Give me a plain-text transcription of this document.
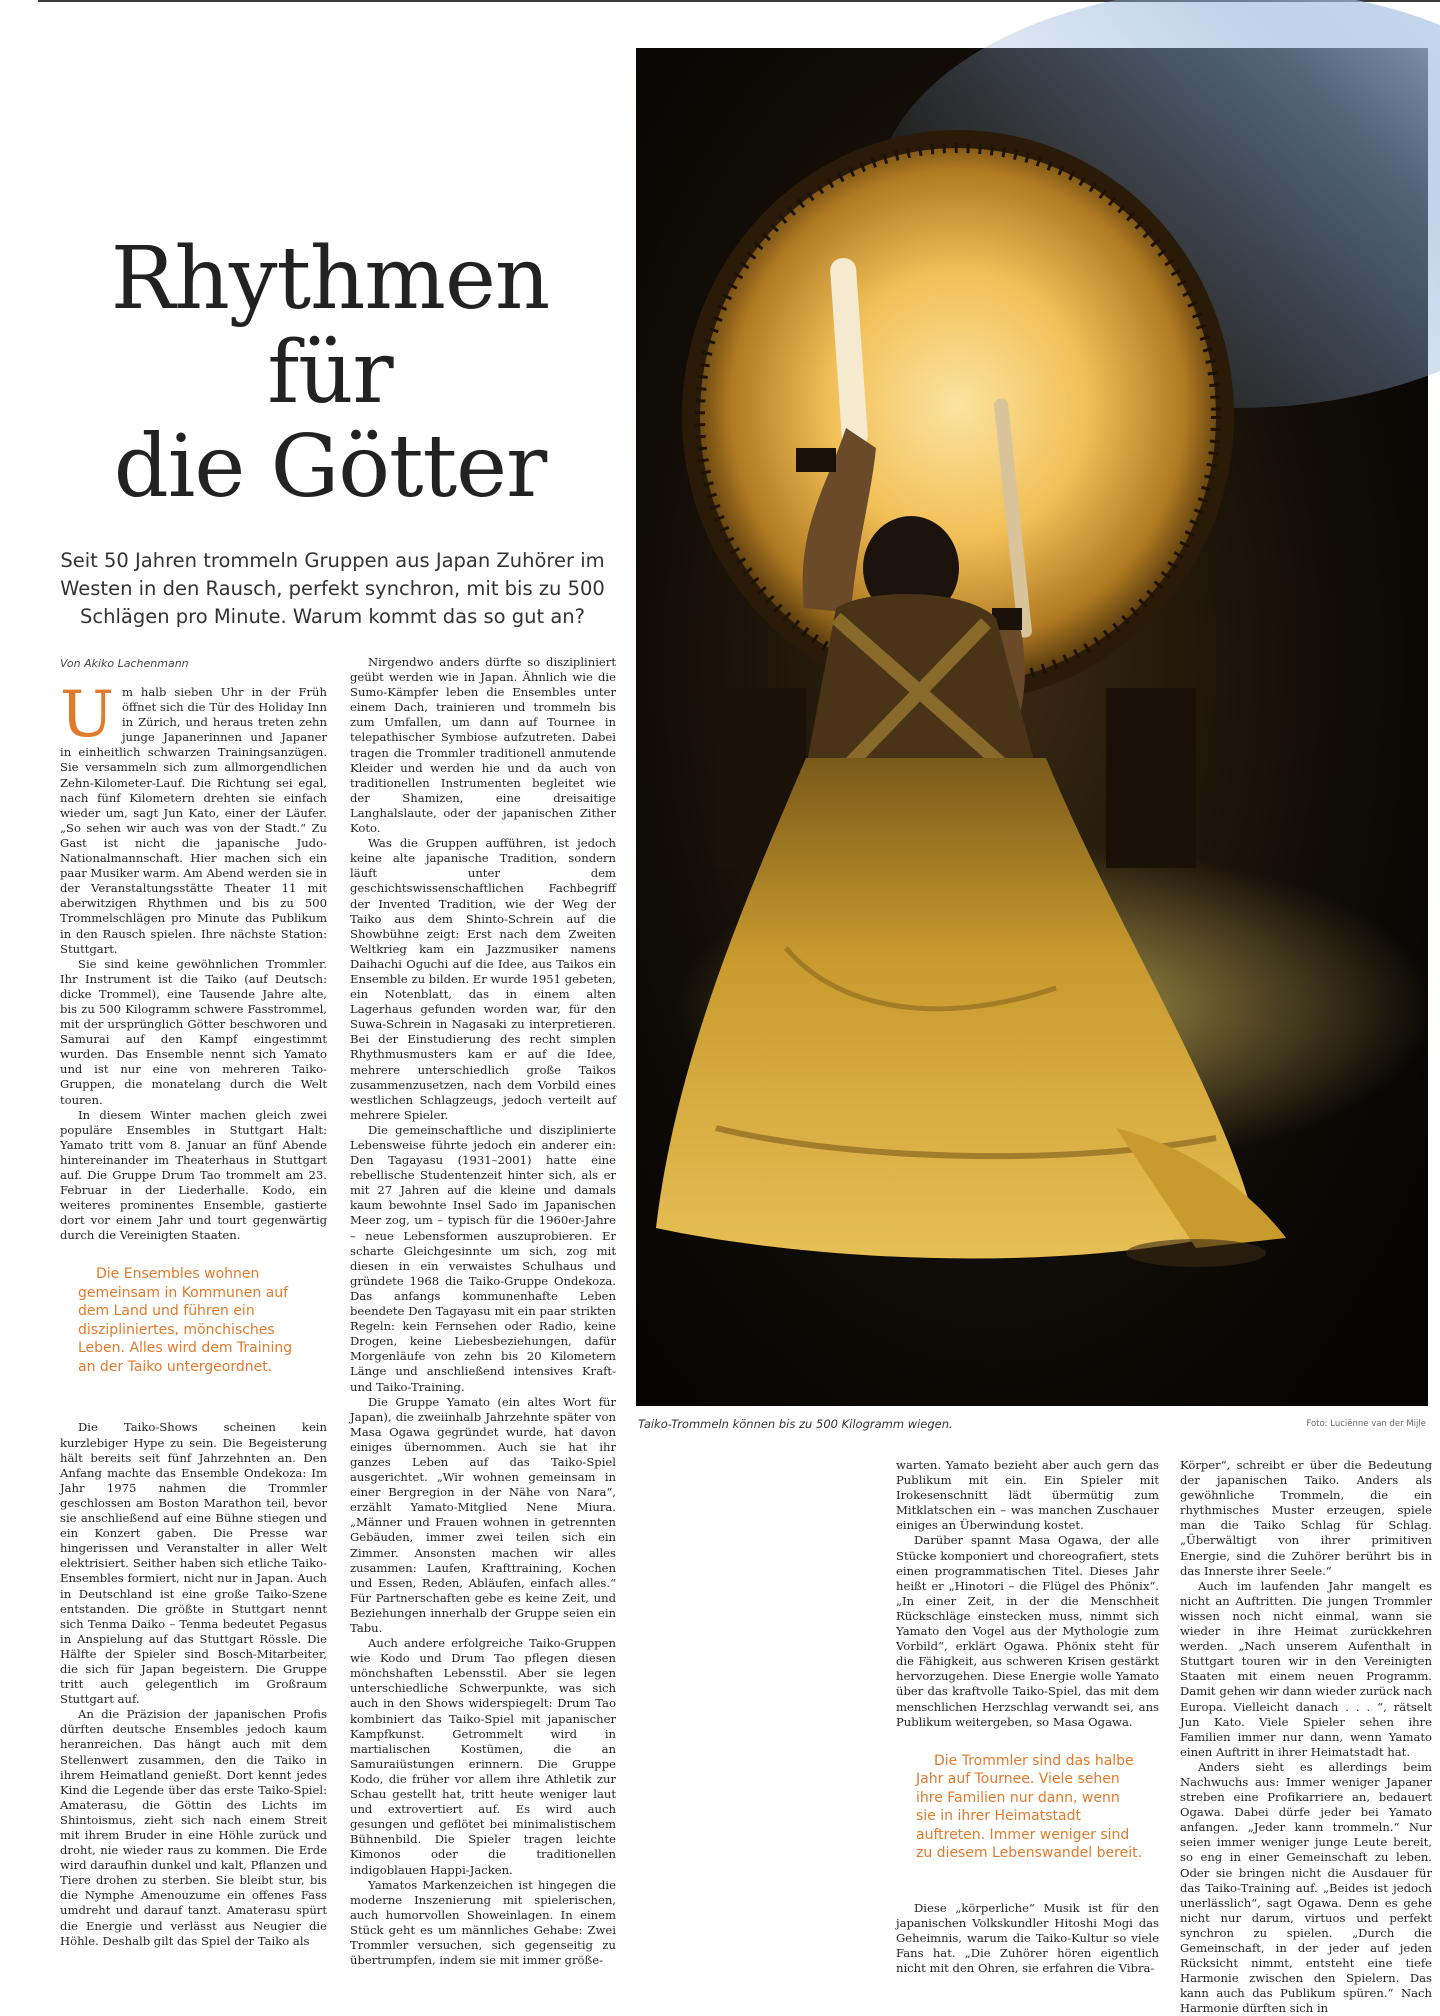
Rhythmen
für
die Götter

Seit 50 Jahren trommeln Gruppen aus Japan Zuhörer im Westen in den Rausch, perfekt synchron, mit bis zu 500 Schlägen pro Minute. Warum kommt das so gut an?

Von Akiko Lachenmann

Um halb sieben Uhr in der Früh öffnet sich die Tür des Holiday Inn in Zürich, und heraus treten zehn junge Japanerinnen und Japaner in einheitlich schwarzen Trainingsanzügen. Sie versammeln sich zum allmorgendlichen Zehn-Kilometer-Lauf. Die Richtung sei egal, nach fünf Kilometern drehten sie einfach wieder um, sagt Jun Kato, einer der Läufer. „So sehen wir auch was von der Stadt.“ Zu Gast ist nicht die japanische Judo-Nationalmannschaft. Hier machen sich ein paar Musiker warm. Am Abend werden sie in der Veranstaltungsstätte Theater 11 mit aberwitzigen Rhythmen und bis zu 500 Trommelschlägen pro Minute das Publikum in den Rausch spielen. Ihre nächste Station: Stuttgart.

Sie sind keine gewöhnlichen Trommler. Ihr Instrument ist die Taiko (auf Deutsch: dicke Trommel), eine Tausende Jahre alte, bis zu 500 Kilogramm schwere Fasstrommel, mit der ursprünglich Götter beschworen und Samurai auf den Kampf eingestimmt wurden. Das Ensemble nennt sich Yamato und ist nur eine von mehreren Taiko-Gruppen, die monatelang durch die Welt touren.

In diesem Winter machen gleich zwei populäre Ensembles in Stuttgart Halt: Yamato tritt vom 8. Januar an fünf Abende hintereinander im Theaterhaus in Stuttgart auf. Die Gruppe Drum Tao trommelt am 23. Februar in der Liederhalle. Kodo, ein weiteres prominentes Ensemble, gastierte dort vor einem Jahr und tourt gegenwärtig durch die Vereinigten Staaten.

Die Ensembles wohnen gemeinsam in Kommunen auf dem Land und führen ein diszipliniertes, mönchisches Leben. Alles wird dem Training an der Taiko untergeordnet.

Die Taiko-Shows scheinen kein kurzlebiger Hype zu sein. Die Begeisterung hält bereits seit fünf Jahrzehnten an. Den Anfang machte das Ensemble Ondekoza: Im Jahr 1975 nahmen die Trommler geschlossen am Boston Marathon teil, bevor sie anschließend auf eine Bühne stiegen und ein Konzert gaben. Die Presse war hingerissen und Veranstalter in aller Welt elektrisiert. Seither haben sich etliche Taiko-Ensembles formiert, nicht nur in Japan. Auch in Deutschland ist eine große Taiko-Szene entstanden. Die größte in Stuttgart nennt sich Tenma Daiko – Tenma bedeutet Pegasus in Anspielung auf das Stuttgart Rössle. Die Hälfte der Spieler sind Bosch-Mitarbeiter, die sich für Japan begeistern. Die Gruppe tritt auch gelegentlich im Großraum Stuttgart auf.

An die Präzision der japanischen Profis dürften deutsche Ensembles jedoch kaum heranreichen. Das hängt auch mit dem Stellenwert zusammen, den die Taiko in ihrem Heimatland genießt. Dort kennt jedes Kind die Legende über das erste Taiko-Spiel: Amaterasu, die Göttin des Lichts im Shintoismus, zieht sich nach einem Streit mit ihrem Bruder in eine Höhle zurück und droht, nie wieder raus zu kommen. Die Erde wird daraufhin dunkel und kalt, Pflanzen und Tiere drohen zu sterben. Sie bleibt stur, bis die Nymphe Amenouzume ein offenes Fass umdreht und darauf tanzt. Amaterasu spürt die Energie und verlässt aus Neugier die Höhle. Deshalb gilt das Spiel der Taiko als

Nirgendwo anders dürfte so diszipliniert geübt werden wie in Japan. Ähnlich wie die Sumo-Kämpfer leben die Ensembles unter einem Dach, trainieren und trommeln bis zum Umfallen, um dann auf Tournee in telepathischer Symbiose aufzutreten. Dabei tragen die Trommler traditionell anmutende Kleider und werden hie und da auch von traditionellen Instrumenten begleitet wie der Shamizen, eine dreisaitige Langhalslaute, oder der japanischen Zither Koto.

Was die Gruppen aufführen, ist jedoch keine alte japanische Tradition, sondern läuft unter dem geschichtswissenschaftlichen Fachbegriff der Invented Tradition, wie der Weg der Taiko aus dem Shinto-Schrein auf die Showbühne zeigt: Erst nach dem Zweiten Weltkrieg kam ein Jazzmusiker namens Daihachi Oguchi auf die Idee, aus Taikos ein Ensemble zu bilden. Er wurde 1951 gebeten, ein Notenblatt, das in einem alten Lagerhaus gefunden worden war, für den Suwa-Schrein in Nagasaki zu interpretieren. Bei der Einstudierung des recht simplen Rhythmusmusters kam er auf die Idee, mehrere unterschiedlich große Taikos zusammenzusetzen, nach dem Vorbild eines westlichen Schlagzeugs, jedoch verteilt auf mehrere Spieler.

Die gemeinschaftliche und disziplinierte Lebensweise führte jedoch ein anderer ein: Den Tagayasu (1931–2001) hatte eine rebellische Studentenzeit hinter sich, als er mit 27 Jahren auf die kleine und damals kaum bewohnte Insel Sado im Japanischen Meer zog, um – typisch für die 1960er-Jahre – neue Lebensformen auszuprobieren. Er scharte Gleichgesinnte um sich, zog mit diesen in ein verwaistes Schulhaus und gründete 1968 die Taiko-Gruppe Ondekoza. Das anfangs kommunenhafte Leben beendete Den Tagayasu mit ein paar strikten Regeln: kein Fernsehen oder Radio, keine Drogen, keine Liebesbeziehungen, dafür Morgenläufe von zehn bis 20 Kilometern Länge und anschließend intensives Kraft- und Taiko-Training.

Die Gruppe Yamato (ein altes Wort für Japan), die zweiinhalb Jahrzehnte später von Masa Ogawa gegründet wurde, hat davon einiges übernommen. Auch sie hat ihr ganzes Leben auf das Taiko-Spiel ausgerichtet. „Wir wohnen gemeinsam in einer Bergregion in der Nähe von Nara“, erzählt Yamato-Mitglied Nene Miura. „Männer und Frauen wohnen in getrennten Gebäuden, immer zwei teilen sich ein Zimmer. Ansonsten machen wir alles zusammen: Laufen, Krafttraining, Kochen und Essen, Reden, Abläufen, einfach alles.“ Für Partnerschaften gebe es keine Zeit, und Beziehungen innerhalb der Gruppe seien ein Tabu.

Auch andere erfolgreiche Taiko-Gruppen wie Kodo und Drum Tao pflegen diesen mönchshaften Lebensstil. Aber sie legen unterschiedliche Schwerpunkte, was sich auch in den Shows widerspiegelt: Drum Tao kombiniert das Taiko-Spiel mit japanischer Kampfkunst. Getrommelt wird in martialischen Kostümen, die an Samuraiüstungen erinnern. Die Gruppe Kodo, die früher vor allem ihre Athletik zur Schau gestellt hat, tritt heute weniger laut und extrovertiert auf. Es wird auch gesungen und geflötet bei minimalistischem Bühnenbild. Die Spieler tragen leichte Kimonos oder die traditionellen indigoblauen Happi-Jacken.

Yamatos Markenzeichen ist hingegen die moderne Inszenierung mit spielerischen, auch humorvollen Showeinlagen. In einem Stück geht es um männliches Gehabe: Zwei Trommler versuchen, sich gegenseitig zu übertrumpfen, indem sie mit immer größe-

Taiko-Trommeln können bis zu 500 Kilogramm wiegen.	Foto: Luciënne van der Mijle

warten. Yamato bezieht aber auch gern das Publikum mit ein. Ein Spieler mit Irokesenschnitt lädt übermütig zum Mitklatschen ein – was manchen Zuschauer einiges an Überwindung kostet.

Darüber spannt Masa Ogawa, der alle Stücke komponiert und choreografiert, stets einen programmatischen Titel. Dieses Jahr heißt er „Hinotori – die Flügel des Phönix“. „In einer Zeit, in der die Menschheit Rückschläge einstecken muss, nimmt sich Yamato den Vogel aus der Mythologie zum Vorbild“, erklärt Ogawa. Phönix steht für die Fähigkeit, aus schweren Krisen gestärkt hervorzugehen. Diese Energie wolle Yamato über das kraftvolle Taiko-Spiel, das mit dem menschlichen Herzschlag verwandt sei, ans Publikum weitergeben, so Masa Ogawa.

Die Trommler sind das halbe Jahr auf Tournee. Viele sehen ihre Familien nur dann, wenn sie in ihrer Heimatstadt auftreten. Immer weniger sind zu diesem Lebenswandel bereit.

Diese „körperliche“ Musik ist für den japanischen Volkskundler Hitoshi Mogi das Geheimnis, warum die Taiko-Kultur so viele Fans hat. „Die Zuhörer hören eigentlich nicht mit den Ohren, sie erfahren die Vibra-

Körper“, schreibt er über die Bedeutung der japanischen Taiko. Anders als gewöhnliche Trommeln, die ein rhythmisches Muster erzeugen, spiele man die Taiko Schlag für Schlag. „Überwältigt von ihrer primitiven Energie, sind die Zuhörer berührt bis in das Innerste ihrer Seele.“

Auch im laufenden Jahr mangelt es nicht an Auftritten. Die jungen Trommler wissen noch nicht einmal, wann sie wieder in ihre Heimat zurückkehren werden. „Nach unserem Aufenthalt in Stuttgart touren wir in den Vereinigten Staaten mit einem neuen Programm. Damit gehen wir dann wieder zurück nach Europa. Vielleicht danach . . . “, rätselt Jun Kato. Viele Spieler sehen ihre Familien immer nur dann, wenn Yamato einen Auftritt in ihrer Heimatstadt hat.

Anders sieht es allerdings beim Nachwuchs aus: Immer weniger Japaner streben eine Profikarriere an, bedauert Ogawa. Dabei dürfe jeder bei Yamato anfangen. „Jeder kann trommeln.“ Nur seien immer weniger junge Leute bereit, so eng in einer Gemeinschaft zu leben. Oder sie bringen nicht die Ausdauer für das Taiko-Training auf. „Beides ist jedoch unerlässlich“, sagt Ogawa. Denn es gehe nicht nur darum, virtuos und perfekt synchron zu spielen. „Durch die Gemeinschaft, in der jeder auf jeden Rücksicht nimmt, entsteht eine tiefe Harmonie zwischen den Spielern. Das kann auch das Publikum spüren.“ Nach Harmonie dürften sich in
